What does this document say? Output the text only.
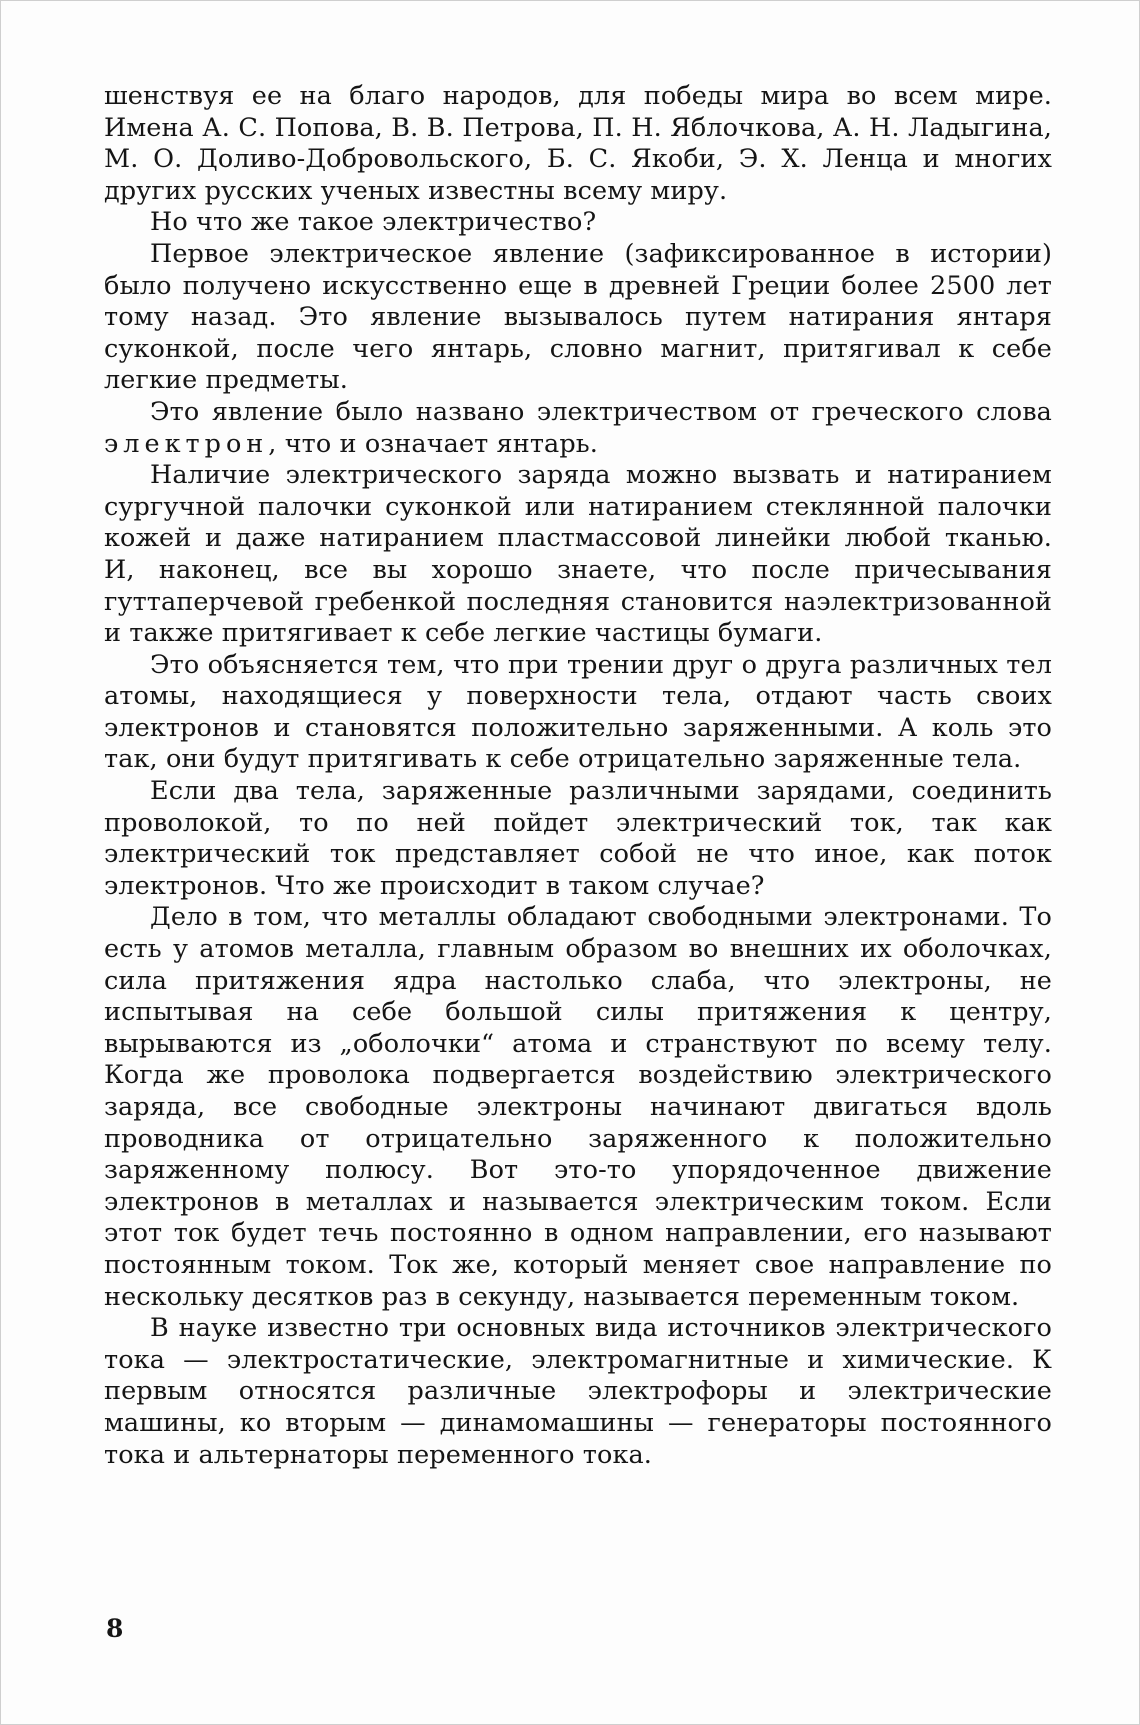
шенствуя ее на благо народов, для победы мира во всем мире. Имена А. С. Попова, В. В. Петрова, П. Н. Яблочкова, А. Н. Ладыгина, М. О. Доливо-Добровольского, Б. С. Якоби, Э. Х. Ленца и многих других русских ученых известны всему миру.

Но что же такое электричество?

Первое электрическое явление (зафиксированное в истории) было получено искусственно еще в древней Греции более 2500 лет тому назад. Это явление вызывалось путем натирания янтаря суконкой, после чего янтарь, словно магнит, притягивал к себе легкие предметы.

Это явление было названо электричеством от греческого слова электрон, что и означает янтарь.

Наличие электрического заряда можно вызвать и натиранием сургучной палочки суконкой или натиранием стеклянной палочки кожей и даже натиранием пластмассовой линейки любой тканью. И, наконец, все вы хорошо знаете, что после причесывания гуттаперчевой гребенкой последняя становится наэлектризованной и также притягивает к себе легкие частицы бумаги.

Это объясняется тем, что при трении друг о друга различных тел атомы, находящиеся у поверхности тела, отдают часть своих электронов и становятся положительно заряженными. А коль это так, они будут притягивать к себе отрицательно заряженные тела.

Если два тела, заряженные различными зарядами, соединить проволокой, то по ней пойдет электрический ток, так как электрический ток представляет собой не что иное, как поток электронов. Что же происходит в таком случае?

Дело в том, что металлы обладают свободными электронами. То есть у атомов металла, главным образом во внешних их оболочках, сила притяжения ядра настолько слаба, что электроны, не испытывая на себе большой силы притяжения к центру, вырываются из „оболочки“ атома и странствуют по всему телу. Когда же проволока подвергается воздействию электрического заряда, все свободные электроны начинают двигаться вдоль проводника от отрицательно заряженного к положительно заряженному полюсу. Вот это-то упорядоченное движение электронов в металлах и называется электрическим током. Если этот ток будет течь постоянно в одном направлении, его называют постоянным током. Ток же, который меняет свое направление по нескольку десятков раз в секунду, называется переменным током.

В науке известно три основных вида источников электрического тока — электростатические, электромагнитные и химические. К первым относятся различные электрофоры и электрические машины, ко вторым — динамомашины — генераторы постоянного тока и альтернаторы переменного тока.

8
